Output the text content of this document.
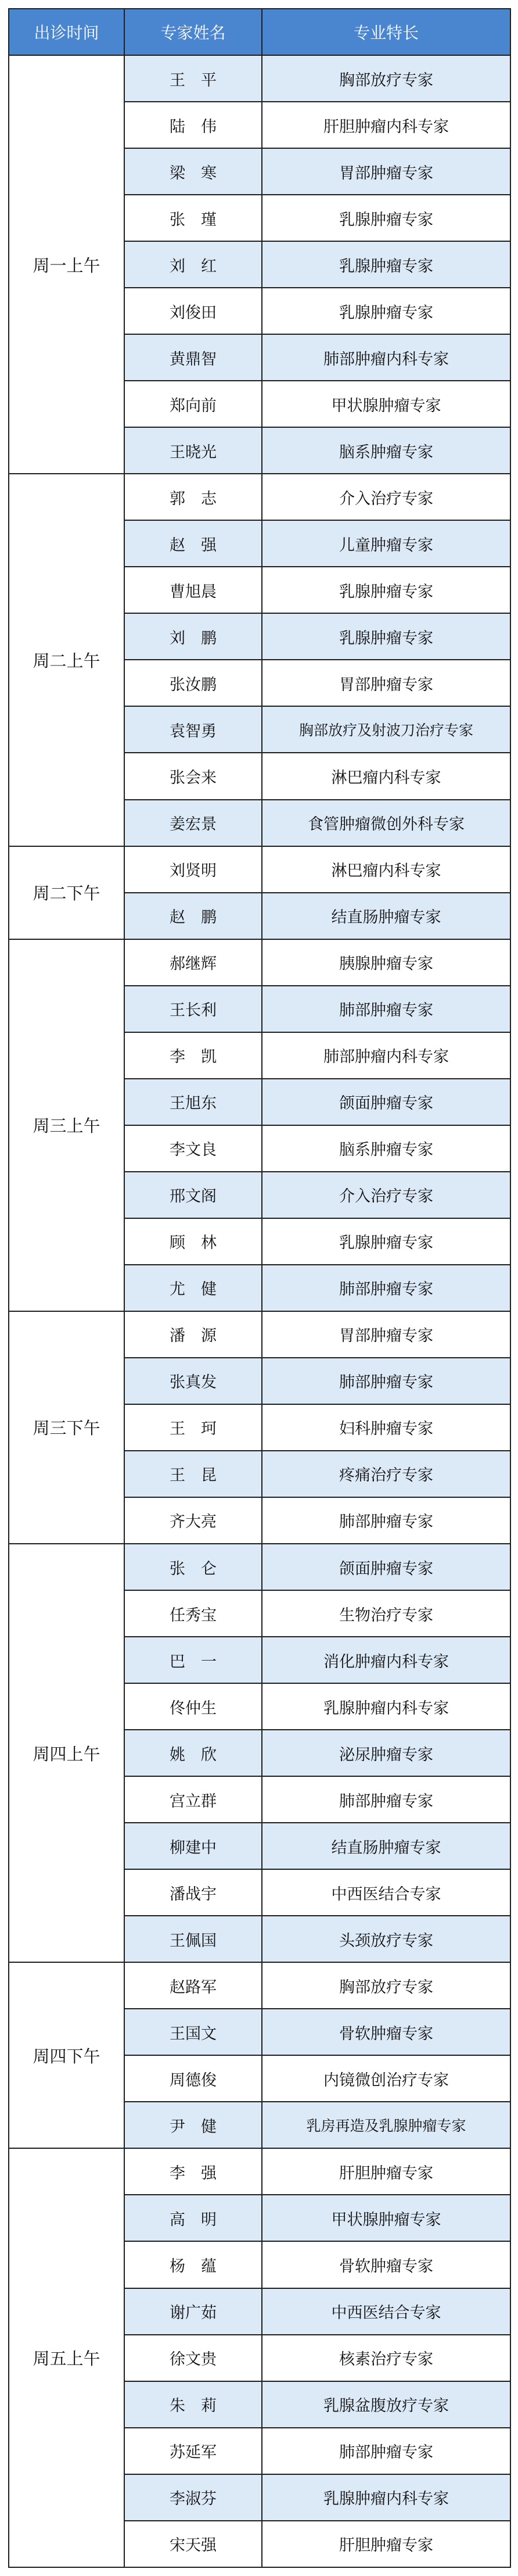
出诊时间	专家姓名	专业特长
周一上午	王　平	胸部放疗专家
	陆　伟	肝胆肿瘤内科专家
	梁　寒	胃部肿瘤专家
	张　瑾	乳腺肿瘤专家
	刘　红	乳腺肿瘤专家
	刘俊田	乳腺肿瘤专家
	黄鼎智	肺部肿瘤内科专家
	郑向前	甲状腺肿瘤专家
	王晓光	脑系肿瘤专家
周二上午	郭　志	介入治疗专家
	赵　强	儿童肿瘤专家
	曹旭晨	乳腺肿瘤专家
	刘　鹏	乳腺肿瘤专家
	张汝鹏	胃部肿瘤专家
	袁智勇	胸部放疗及射波刀治疗专家
	张会来	淋巴瘤内科专家
	姜宏景	食管肿瘤微创外科专家
周二下午	刘贤明	淋巴瘤内科专家
	赵　鹏	结直肠肿瘤专家
周三上午	郝继辉	胰腺肿瘤专家
	王长利	肺部肿瘤专家
	李　凯	肺部肿瘤内科专家
	王旭东	颌面肿瘤专家
	李文良	脑系肿瘤专家
	邢文阁	介入治疗专家
	顾　林	乳腺肿瘤专家
	尤　健	肺部肿瘤专家
周三下午	潘　源	胃部肿瘤专家
	张真发	肺部肿瘤专家
	王　珂	妇科肿瘤专家
	王　昆	疼痛治疗专家
	齐大亮	肺部肿瘤专家
周四上午	张　仑	颌面肿瘤专家
	任秀宝	生物治疗专家
	巴　一	消化肿瘤内科专家
	佟仲生	乳腺肿瘤内科专家
	姚　欣	泌尿肿瘤专家
	宫立群	肺部肿瘤专家
	柳建中	结直肠肿瘤专家
	潘战宇	中西医结合专家
	王佩国	头颈放疗专家
周四下午	赵路军	胸部放疗专家
	王国文	骨软肿瘤专家
	周德俊	内镜微创治疗专家
	尹　健	乳房再造及乳腺肿瘤专家
周五上午	李　强	肝胆肿瘤专家
	高　明	甲状腺肿瘤专家
	杨　蕴	骨软肿瘤专家
	谢广茹	中西医结合专家
	徐文贵	核素治疗专家
	朱　莉	乳腺盆腹放疗专家
	苏延军	肺部肿瘤专家
	李淑芬	乳腺肿瘤内科专家
	宋天强	肝胆肿瘤专家
